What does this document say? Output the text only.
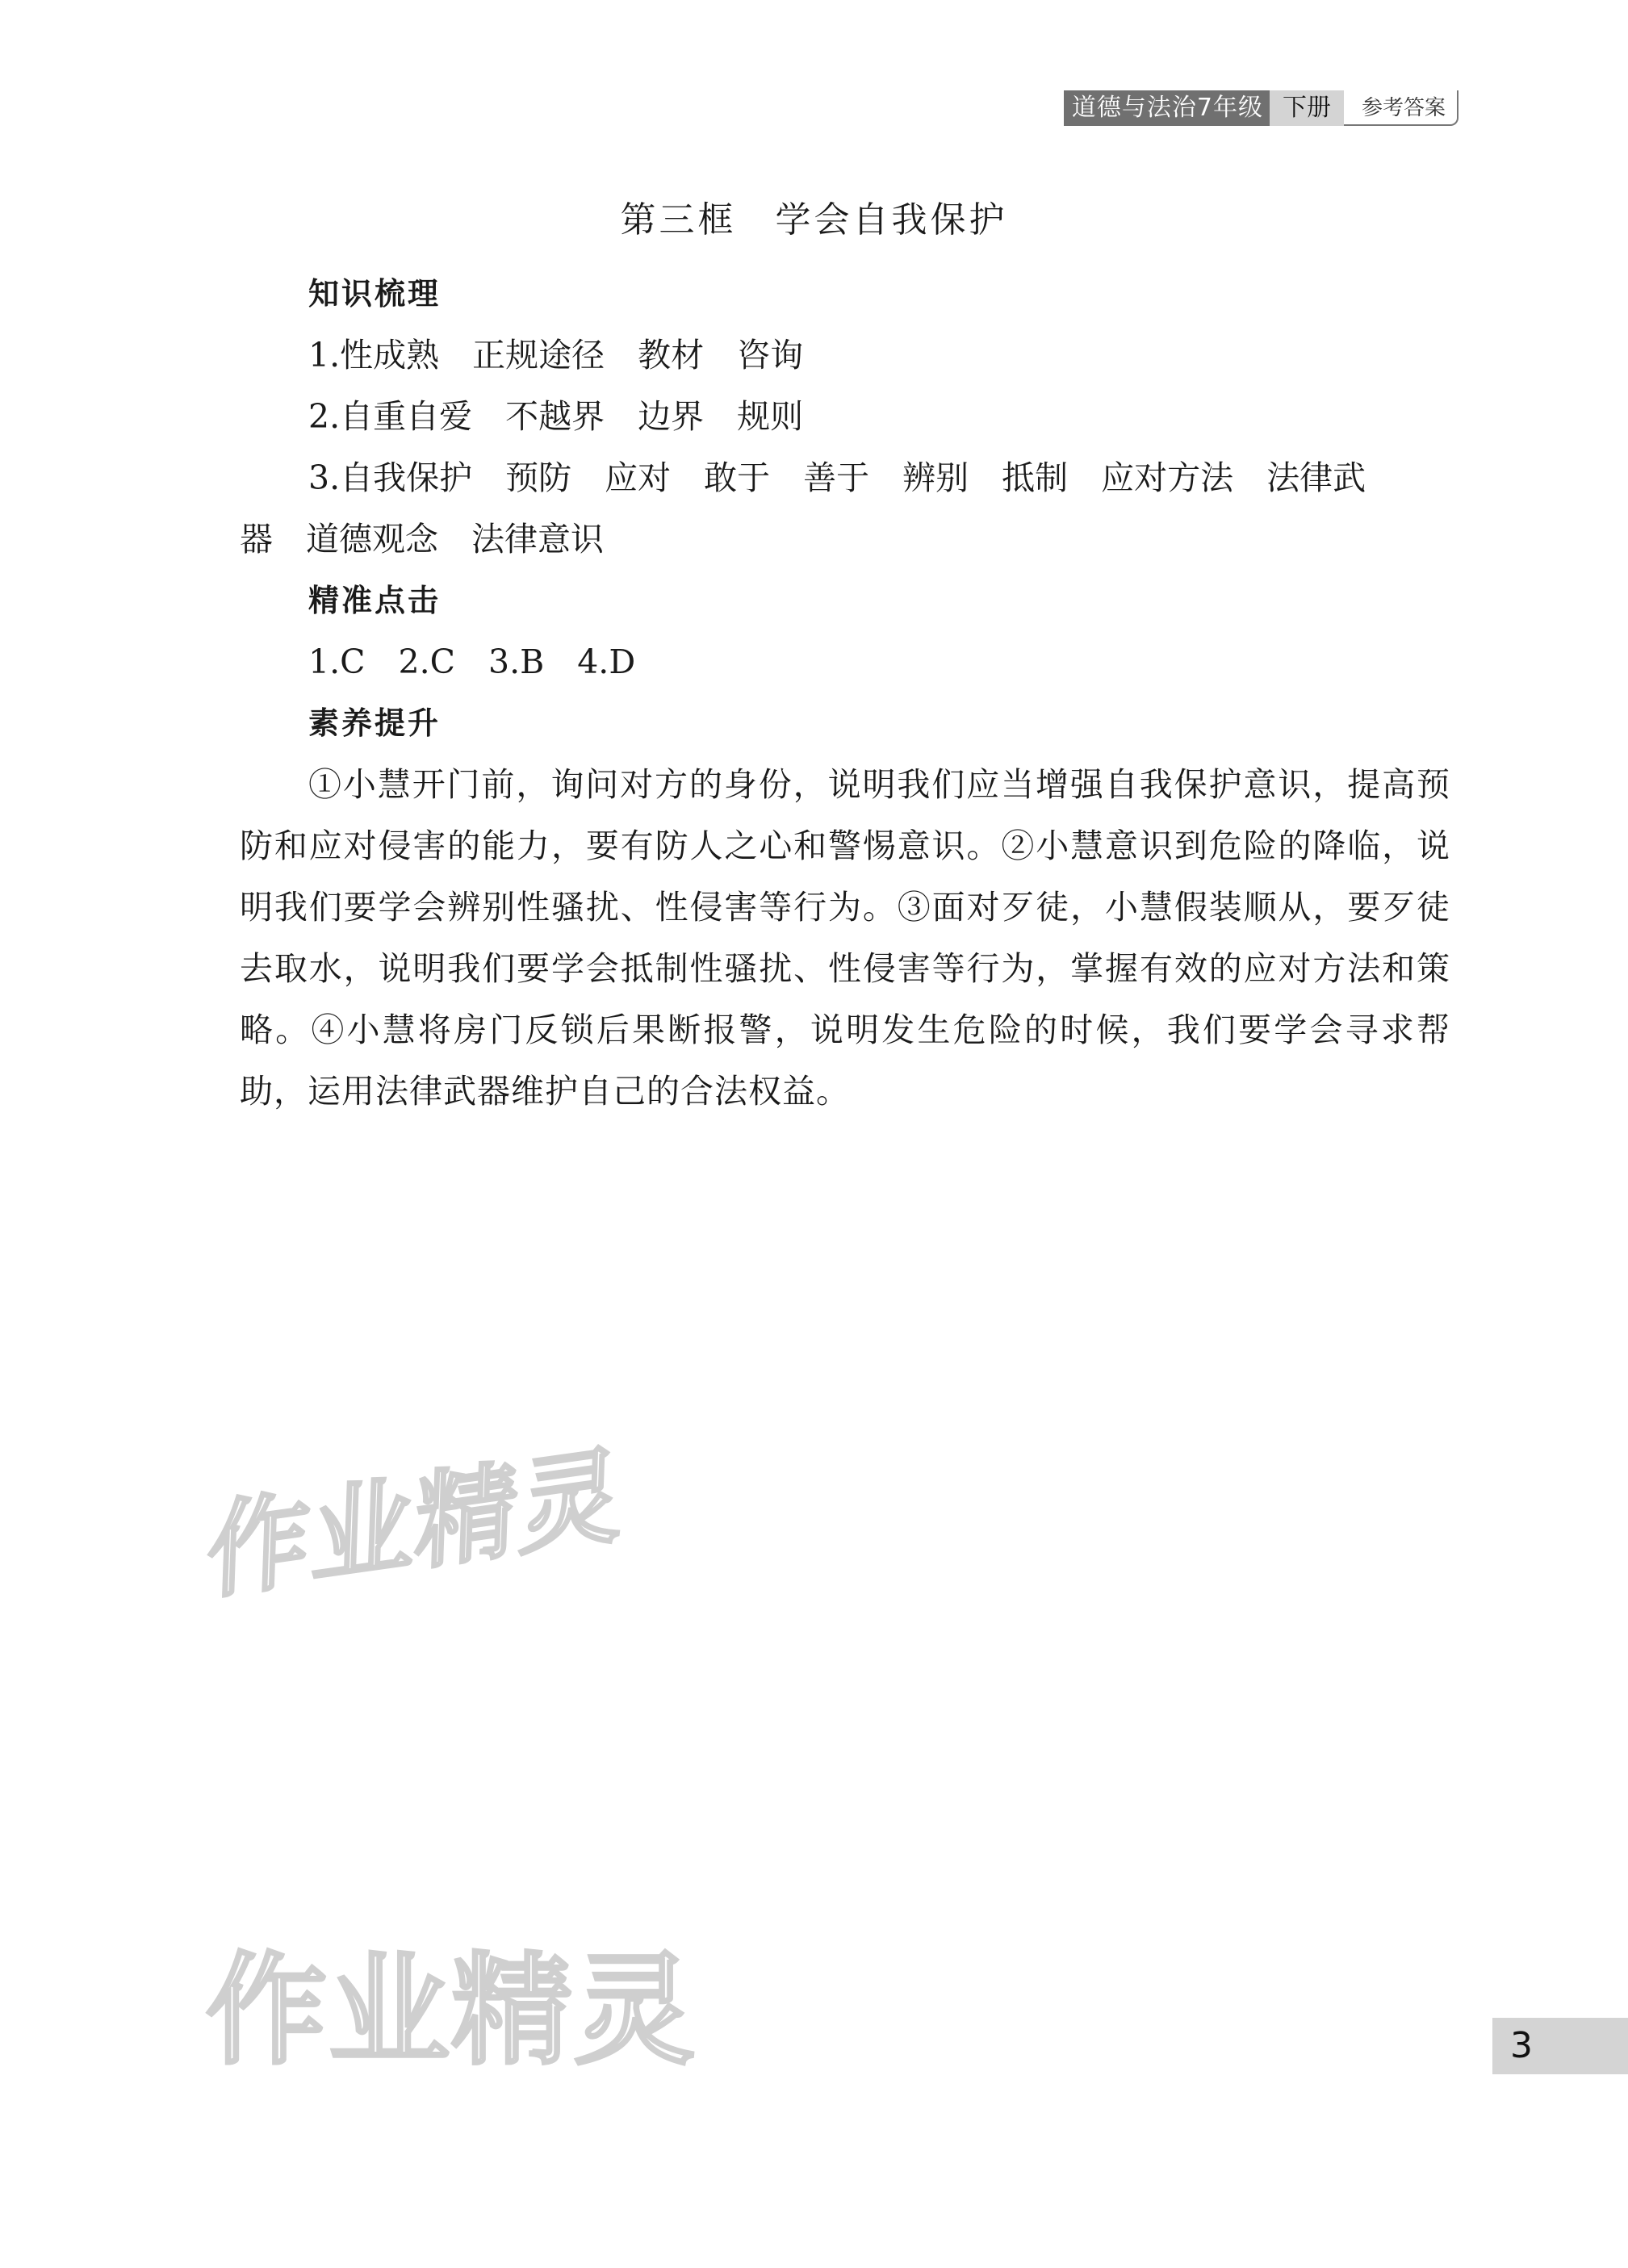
道德与法治7年级 下册	参考答案
第三框　学会自我保护
知识梳理

1.性成熟　正规途径　教材　咨询

2.自重自爱　不越界　边界　规则

3.自我保护　预防　应对　敢于　善于　辨别　抵制　应对方法　法律武

器　道德观念　法律意识

精准点击

1.C　2.C　3.B　4.D

素养提升

①小慧开门前，询问对方的身份，说明我们应当增强自我保护意识，提高预防和应对侵害的能力，要有防人之心和警惕意识。②小慧意识到危险的降临，说明我们要学会辨别性骚扰、性侵害等行为。③面对歹徒，小慧假装顺从，要歹徒去取水，说明我们要学会抵制性骚扰、性侵害等行为，掌握有效的应对方法和策略。④小慧将房门反锁后果断报警，说明发生危险的时候，我们要学会寻求帮助，运用法律武器维护自己的合法权益。

作业精灵
作业精灵	3
